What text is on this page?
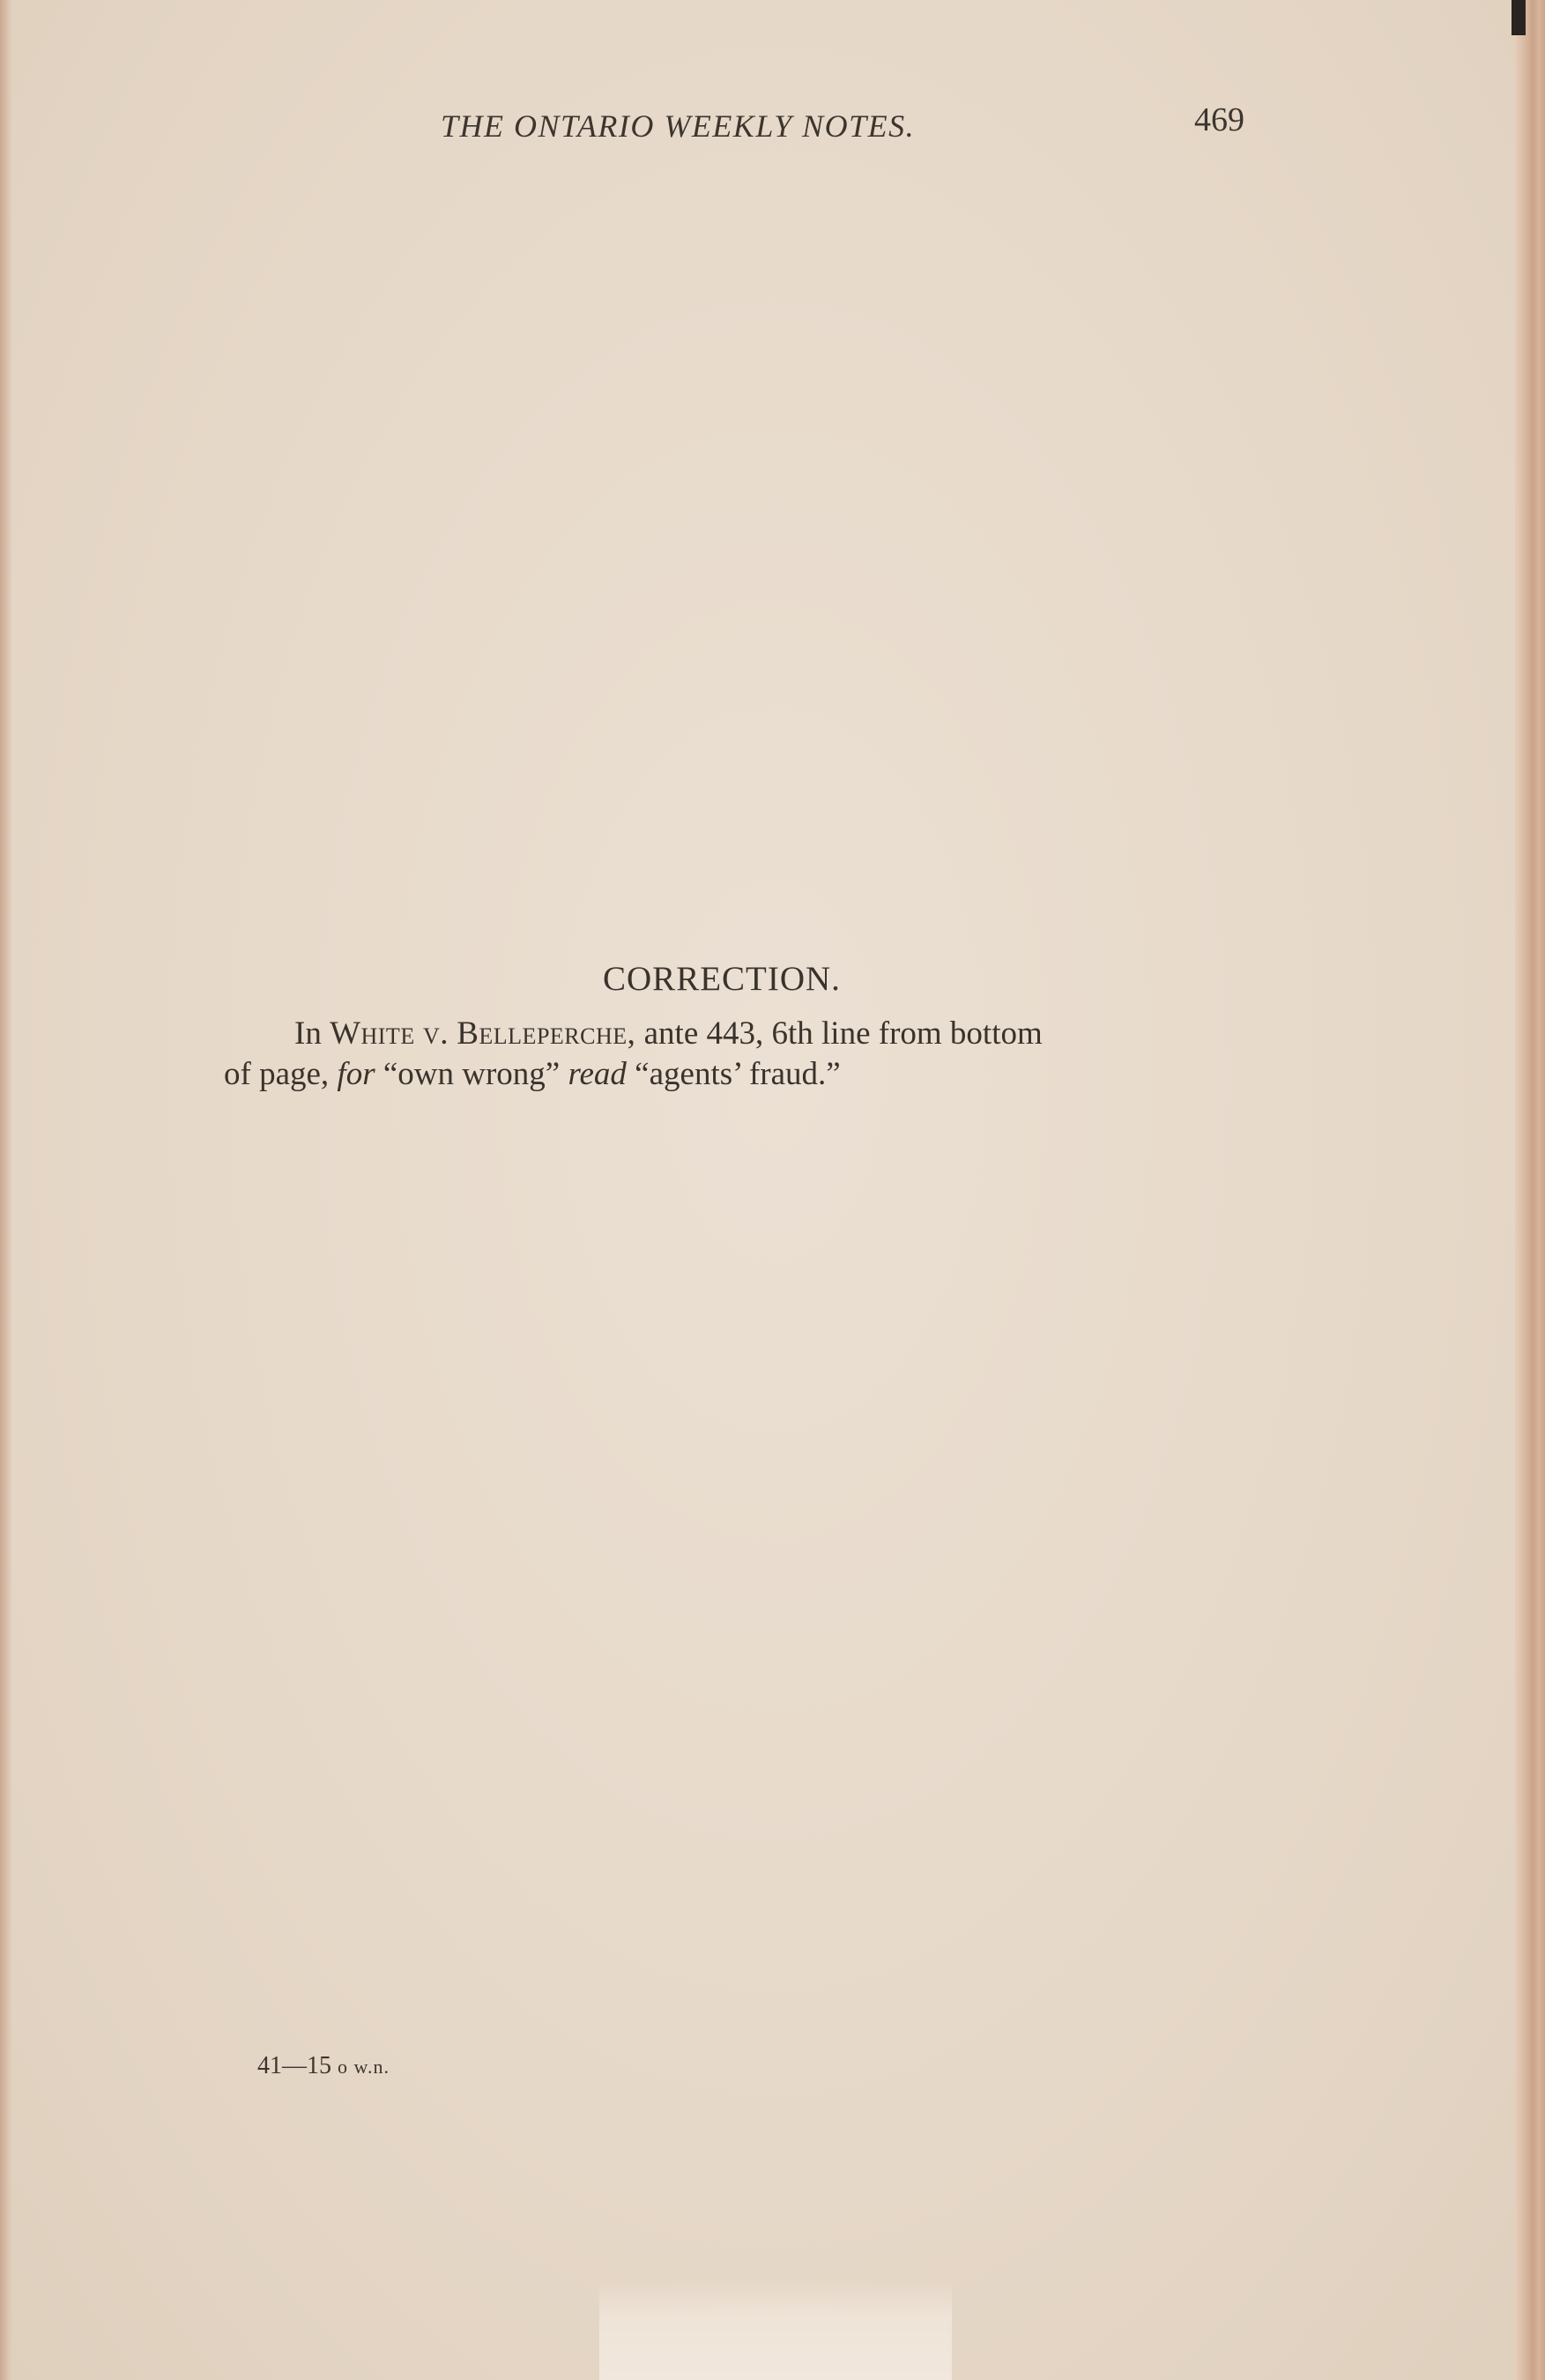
THE ONTARIO WEEKLY NOTES.	469
CORRECTION.
In White v. Belleperche, ante 443, 6th line from bottom
of page, for “own wrong” read “agents’ fraud.”
41—15 o w.n.
